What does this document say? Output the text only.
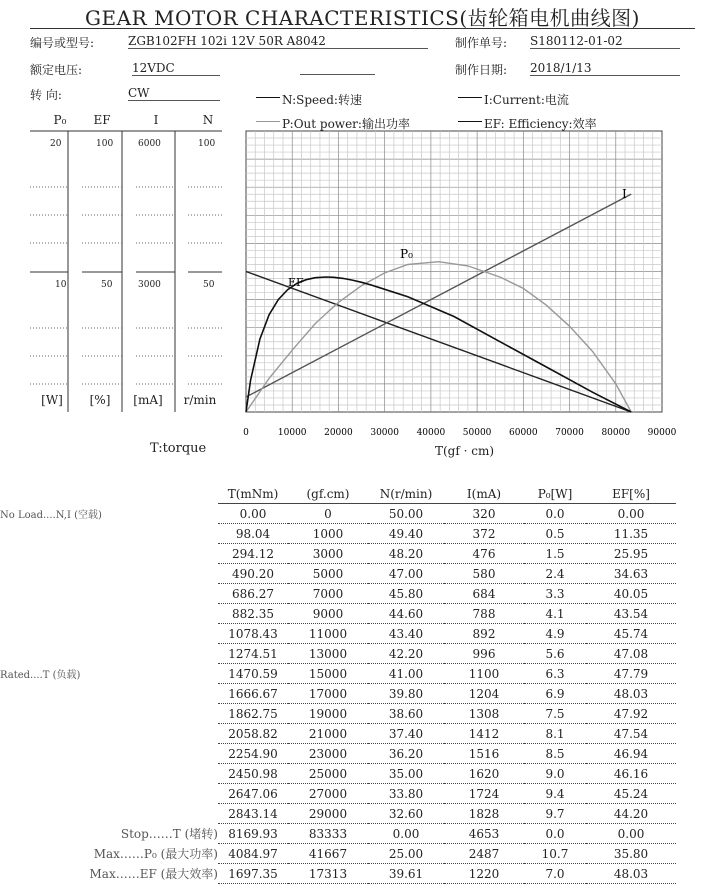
GEAR MOTOR CHARACTERISTICS(齿轮箱电机曲线图)
编号或型号:	ZGB102FH 102i 12V 50R A8042	制作单号: S180112-01-02
额定电压:	12VDC	制作日期: 2018/1/13
转 向:	CW	N:Speed:转速	I:Current:电流
P:Out power:输出功率	EF: Efficiency:效率
P₀	EF	I	N
20	100	6000	100
10	50	3000	50
[W]	[%]	[mA]	r/min
T:torque
0	10000 20000 30000 40000 50000 60000 70000 80000 90000
I
P₀
EF
T(gf · cm)
	T(mNm)	(gf.cm)	N(r/min)	I(mA)	P₀[W]	EF[%]
No Load....N,I (空载)	0.00	0	50.00	320	0.0	0.00
	98.04	1000	49.40	372	0.5	11.35
	294.12	3000	48.20	476	1.5	25.95
	490.20	5000	47.00	580	2.4	34.63
	686.27	7000	45.80	684	3.3	40.05
	882.35	9000	44.60	788	4.1	43.54
	1078.43	11000	43.40	892	4.9	45.74
	1274.51	13000	42.20	996	5.6	47.08
Rated....T (负载)	1470.59	15000	41.00	1100	6.3	47.79
	1666.67	17000	39.80	1204	6.9	48.03
	1862.75	19000	38.60	1308	7.5	47.92
	2058.82	21000	37.40	1412	8.1	47.54
	2254.90	23000	36.20	1516	8.5	46.94
	2450.98	25000	35.00	1620	9.0	46.16
	2647.06	27000	33.80	1724	9.4	45.24
	2843.14	29000	32.60	1828	9.7	44.20
Stop……T (堵转)	8169.93	83333	0.00	4653	0.0	0.00
Max……P₀ (最大功率)	4084.97	41667	25.00	2487	10.7	35.80
Max……EF (最大效率)	1697.35	17313	39.61	1220	7.0	48.03
